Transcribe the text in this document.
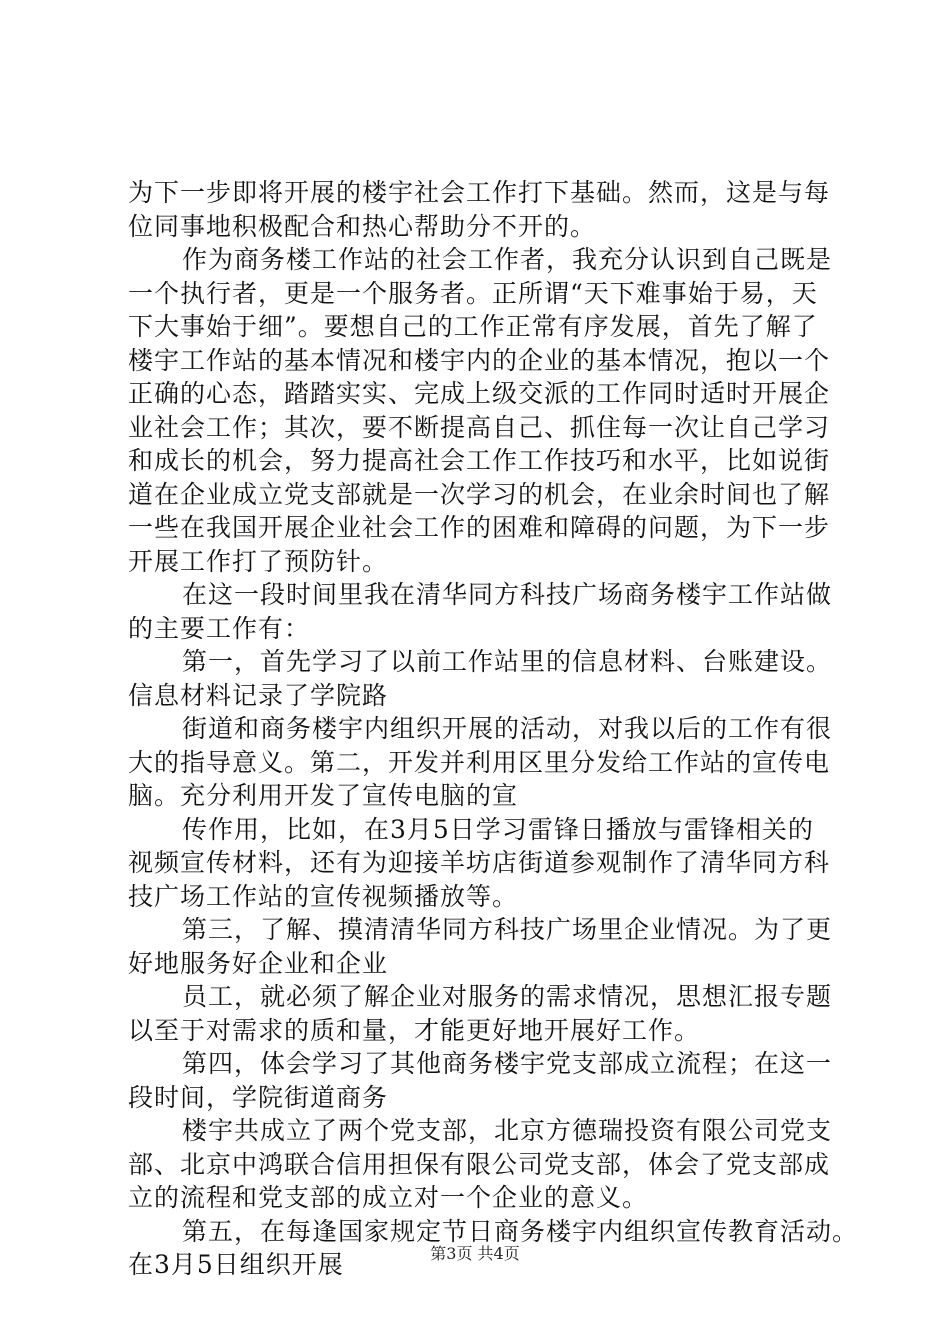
为下一步即将开展的楼宇社会工作打下基础。然而，这是与每
位同事地积极配合和热心帮助分不开的。
作为商务楼工作站的社会工作者，我充分认识到自己既是
一个执行者，更是一个服务者。正所谓“天下难事始于易，天
下大事始于细”。要想自己的工作正常有序发展，首先了解了
楼宇工作站的基本情况和楼宇内的企业的基本情况，抱以一个
正确的心态，踏踏实实、完成上级交派的工作同时适时开展企
业社会工作；其次，要不断提高自己、抓住每一次让自己学习
和成长的机会，努力提高社会工作工作技巧和水平，比如说街
道在企业成立党支部就是一次学习的机会，在业余时间也了解
一些在我国开展企业社会工作的困难和障碍的问题，为下一步
开展工作打了预防针。
在这一段时间里我在清华同方科技广场商务楼宇工作站做
的主要工作有：
第一，首先学习了以前工作站里的信息材料、台账建设。
信息材料记录了学院路
街道和商务楼宇内组织开展的活动，对我以后的工作有很
大的指导意义。第二，开发并利用区里分发给工作站的宣传电
脑。充分利用开发了宣传电脑的宣
传作用，比如，在3月5日学习雷锋日播放与雷锋相关的
视频宣传材料，还有为迎接羊坊店街道参观制作了清华同方科
技广场工作站的宣传视频播放等。
第三，了解、摸清清华同方科技广场里企业情况。为了更
好地服务好企业和企业
员工，就必须了解企业对服务的需求情况，思想汇报专题
以至于对需求的质和量，才能更好地开展好工作。
第四，体会学习了其他商务楼宇党支部成立流程；在这一
段时间，学院街道商务
楼宇共成立了两个党支部，北京方德瑞投资有限公司党支
部、北京中鸿联合信用担保有限公司党支部，体会了党支部成
立的流程和党支部的成立对一个企业的意义。
第五，在每逢国家规定节日商务楼宇内组织宣传教育活动。
在3月5日组织开展	第3页 共4页
